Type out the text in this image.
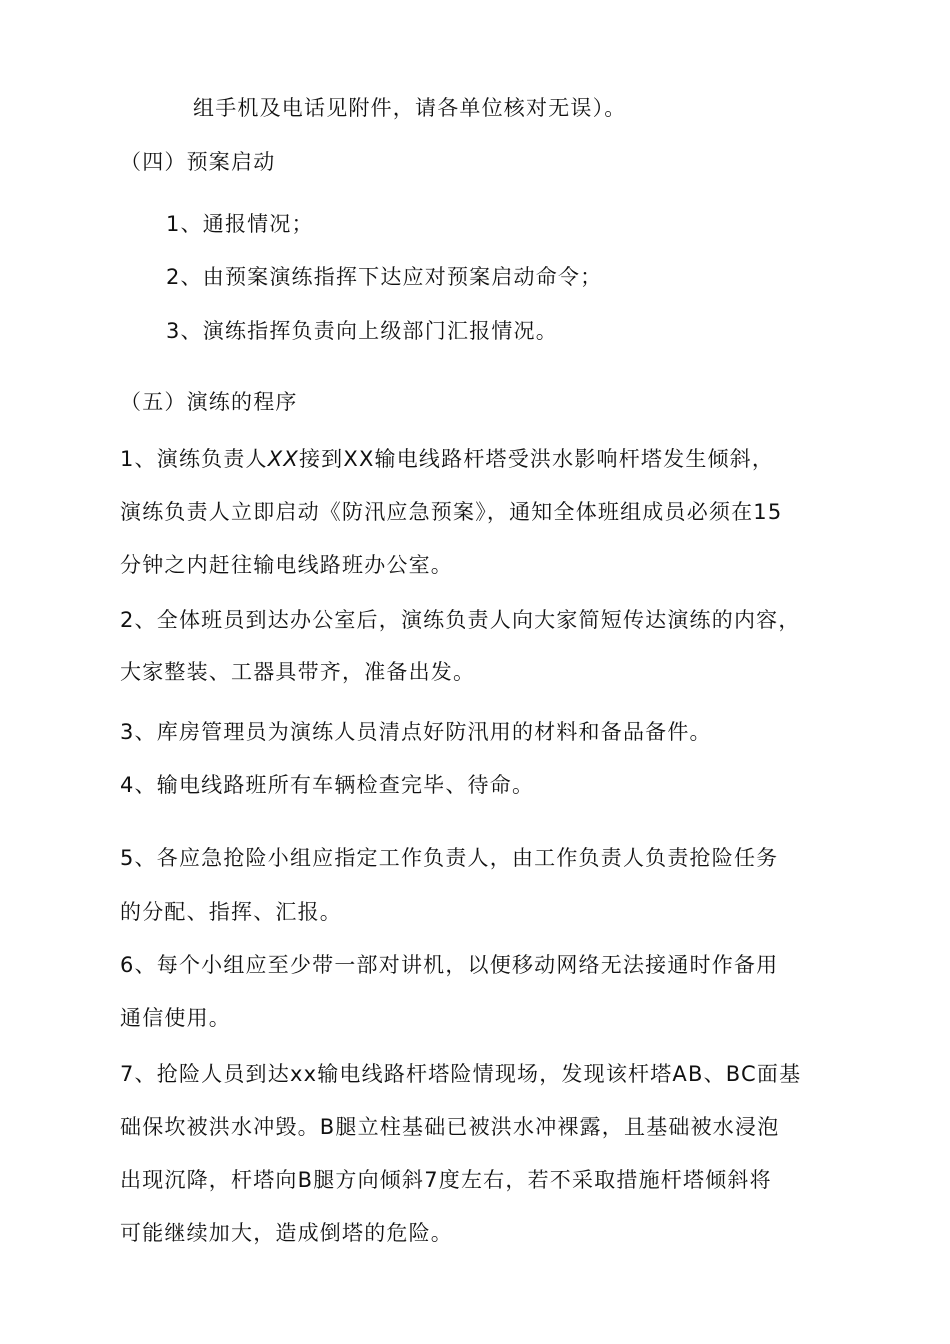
组手机及电话见附件，请各单位核对无误）。
（四）预案启动
1、通报情况；
2、由预案演练指挥下达应对预案启动命令；
3、演练指挥负责向上级部门汇报情况。
（五）演练的程序
1、演练负责人XX接到XX输电线路杆塔受洪水影响杆塔发生倾斜，
演练负责人立即启动《防汛应急预案》，通知全体班组成员必须在15
分钟之内赶往输电线路班办公室。
2、全体班员到达办公室后，演练负责人向大家简短传达演练的内容，
大家整装、工器具带齐，准备出发。
3、库房管理员为演练人员清点好防汛用的材料和备品备件。
4、输电线路班所有车辆检查完毕、待命。
5、各应急抢险小组应指定工作负责人，由工作负责人负责抢险任务
的分配、指挥、汇报。
6、每个小组应至少带一部对讲机，以便移动网络无法接通时作备用
通信使用。
7、抢险人员到达xx输电线路杆塔险情现场，发现该杆塔AB、BC面基
础保坎被洪水冲毁。B腿立柱基础已被洪水冲裸露，且基础被水浸泡
出现沉降，杆塔向B腿方向倾斜7度左右，若不采取措施杆塔倾斜将
可能继续加大，造成倒塔的危险。
